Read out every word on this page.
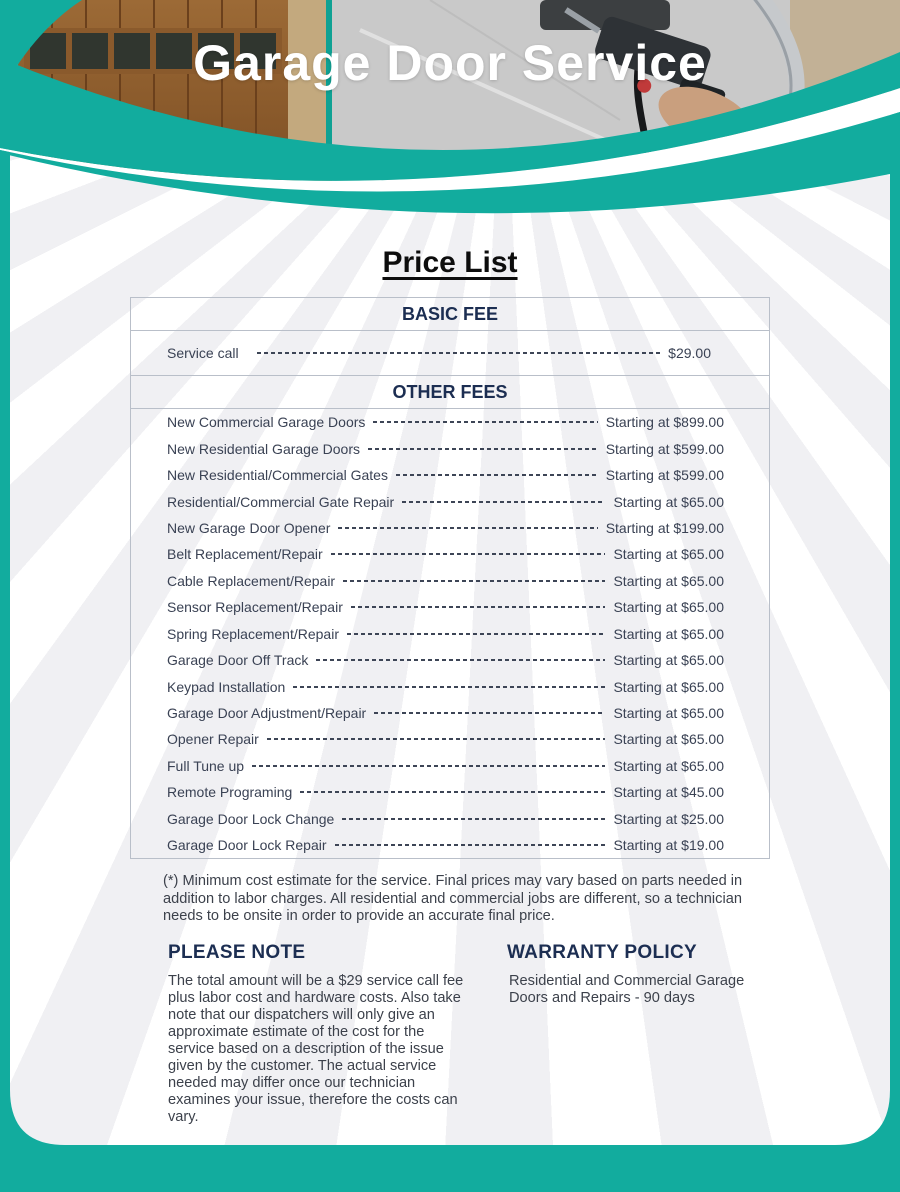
Garage Door Service
Price List
BASIC FEE
Service call	$29.00
OTHER FEES
New Commercial Garage Doors	Starting at $899.00
New Residential Garage Doors	Starting at $599.00
New Residential/Commercial Gates	Starting at $599.00
Residential/Commercial Gate Repair	Starting at $65.00
New Garage Door Opener	Starting at $199.00
Belt Replacement/Repair	Starting at $65.00
Cable Replacement/Repair	Starting at $65.00
Sensor Replacement/Repair	Starting at $65.00
Spring Replacement/Repair	Starting at $65.00
Garage Door Off Track	Starting at $65.00
Keypad Installation	Starting at $65.00
Garage Door Adjustment/Repair	Starting at $65.00
Opener Repair	Starting at $65.00
Full Tune up	Starting at $65.00
Remote Programing	Starting at $45.00
Garage Door Lock Change	Starting at $25.00
Garage Door Lock Repair	Starting at $19.00
(*) Minimum cost estimate for the service. Final prices may vary based on parts needed in addition to labor charges. All residential and commercial jobs are different, so a technician needs to be onsite in order to provide an accurate final price.
PLEASE NOTE
The total amount will be a $29 service call fee plus labor cost and hardware costs. Also take note that our dispatchers will only give an approximate estimate of the cost for the service based on a description of the issue given by the customer. The actual service needed may differ once our technician examines your issue, therefore the costs can vary.
WARRANTY POLICY
Residential and Commercial Garage Doors and Repairs - 90 days
